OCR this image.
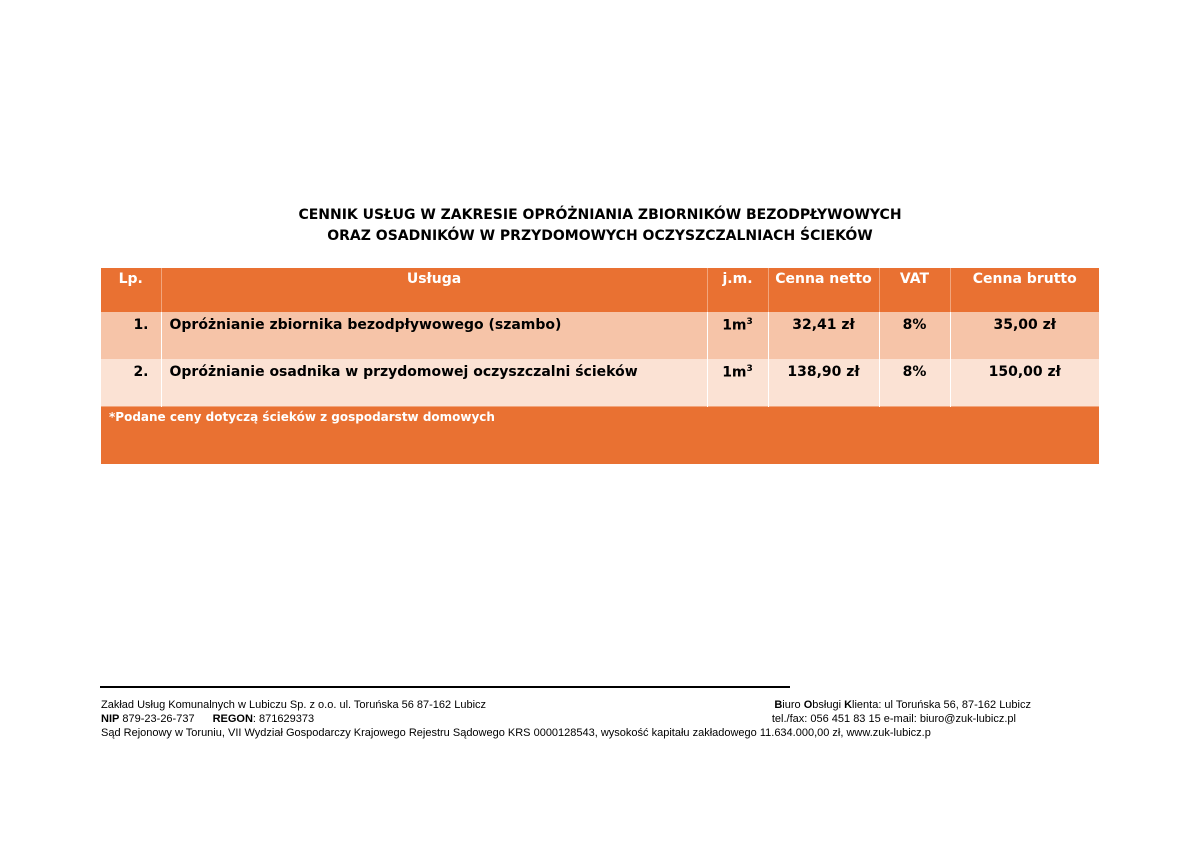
CENNIK USŁUG W ZAKRESIE OPRÓŻNIANIA ZBIORNIKÓW BEZODPŁYWOWYCH
ORAZ OSADNIKÓW W PRZYDOMOWYCH OCZYSZCZALNIACH ŚCIEKÓW
Lp.	Usługa	j.m.	Cenna netto	VAT	Cenna brutto
1.	Opróżnianie zbiornika bezodpływowego (szambo)	$1m^3$	32,41 zł	8%	35,00 zł
2.	Opróżnianie osadnika w przydomowej oczyszczalni ścieków	$1m^3$	138,90 zł	8%	150,00 zł
*Podane ceny dotyczą ścieków z gospodarstw domowych					
Zakład Usług Komunalnych w Lubiczu Sp. z o.o. ul. Toruńska 56 87-162 Lubicz	Biuro Obsługi Klienta: ul Toruńska 56, 87-162 Lubicz
NIP 879-23-26-737 REGON: 871629373	tel./fax: 056 451 83 15 e-mail: biuro@zuk-lubicz.pl
Sąd Rejonowy w Toruniu, VII Wydział Gospodarczy Krajowego Rejestru Sądowego KRS 0000128543, wysokość kapitału zakładowego 11.634.000,00 zł, www.zuk-lubicz.p
